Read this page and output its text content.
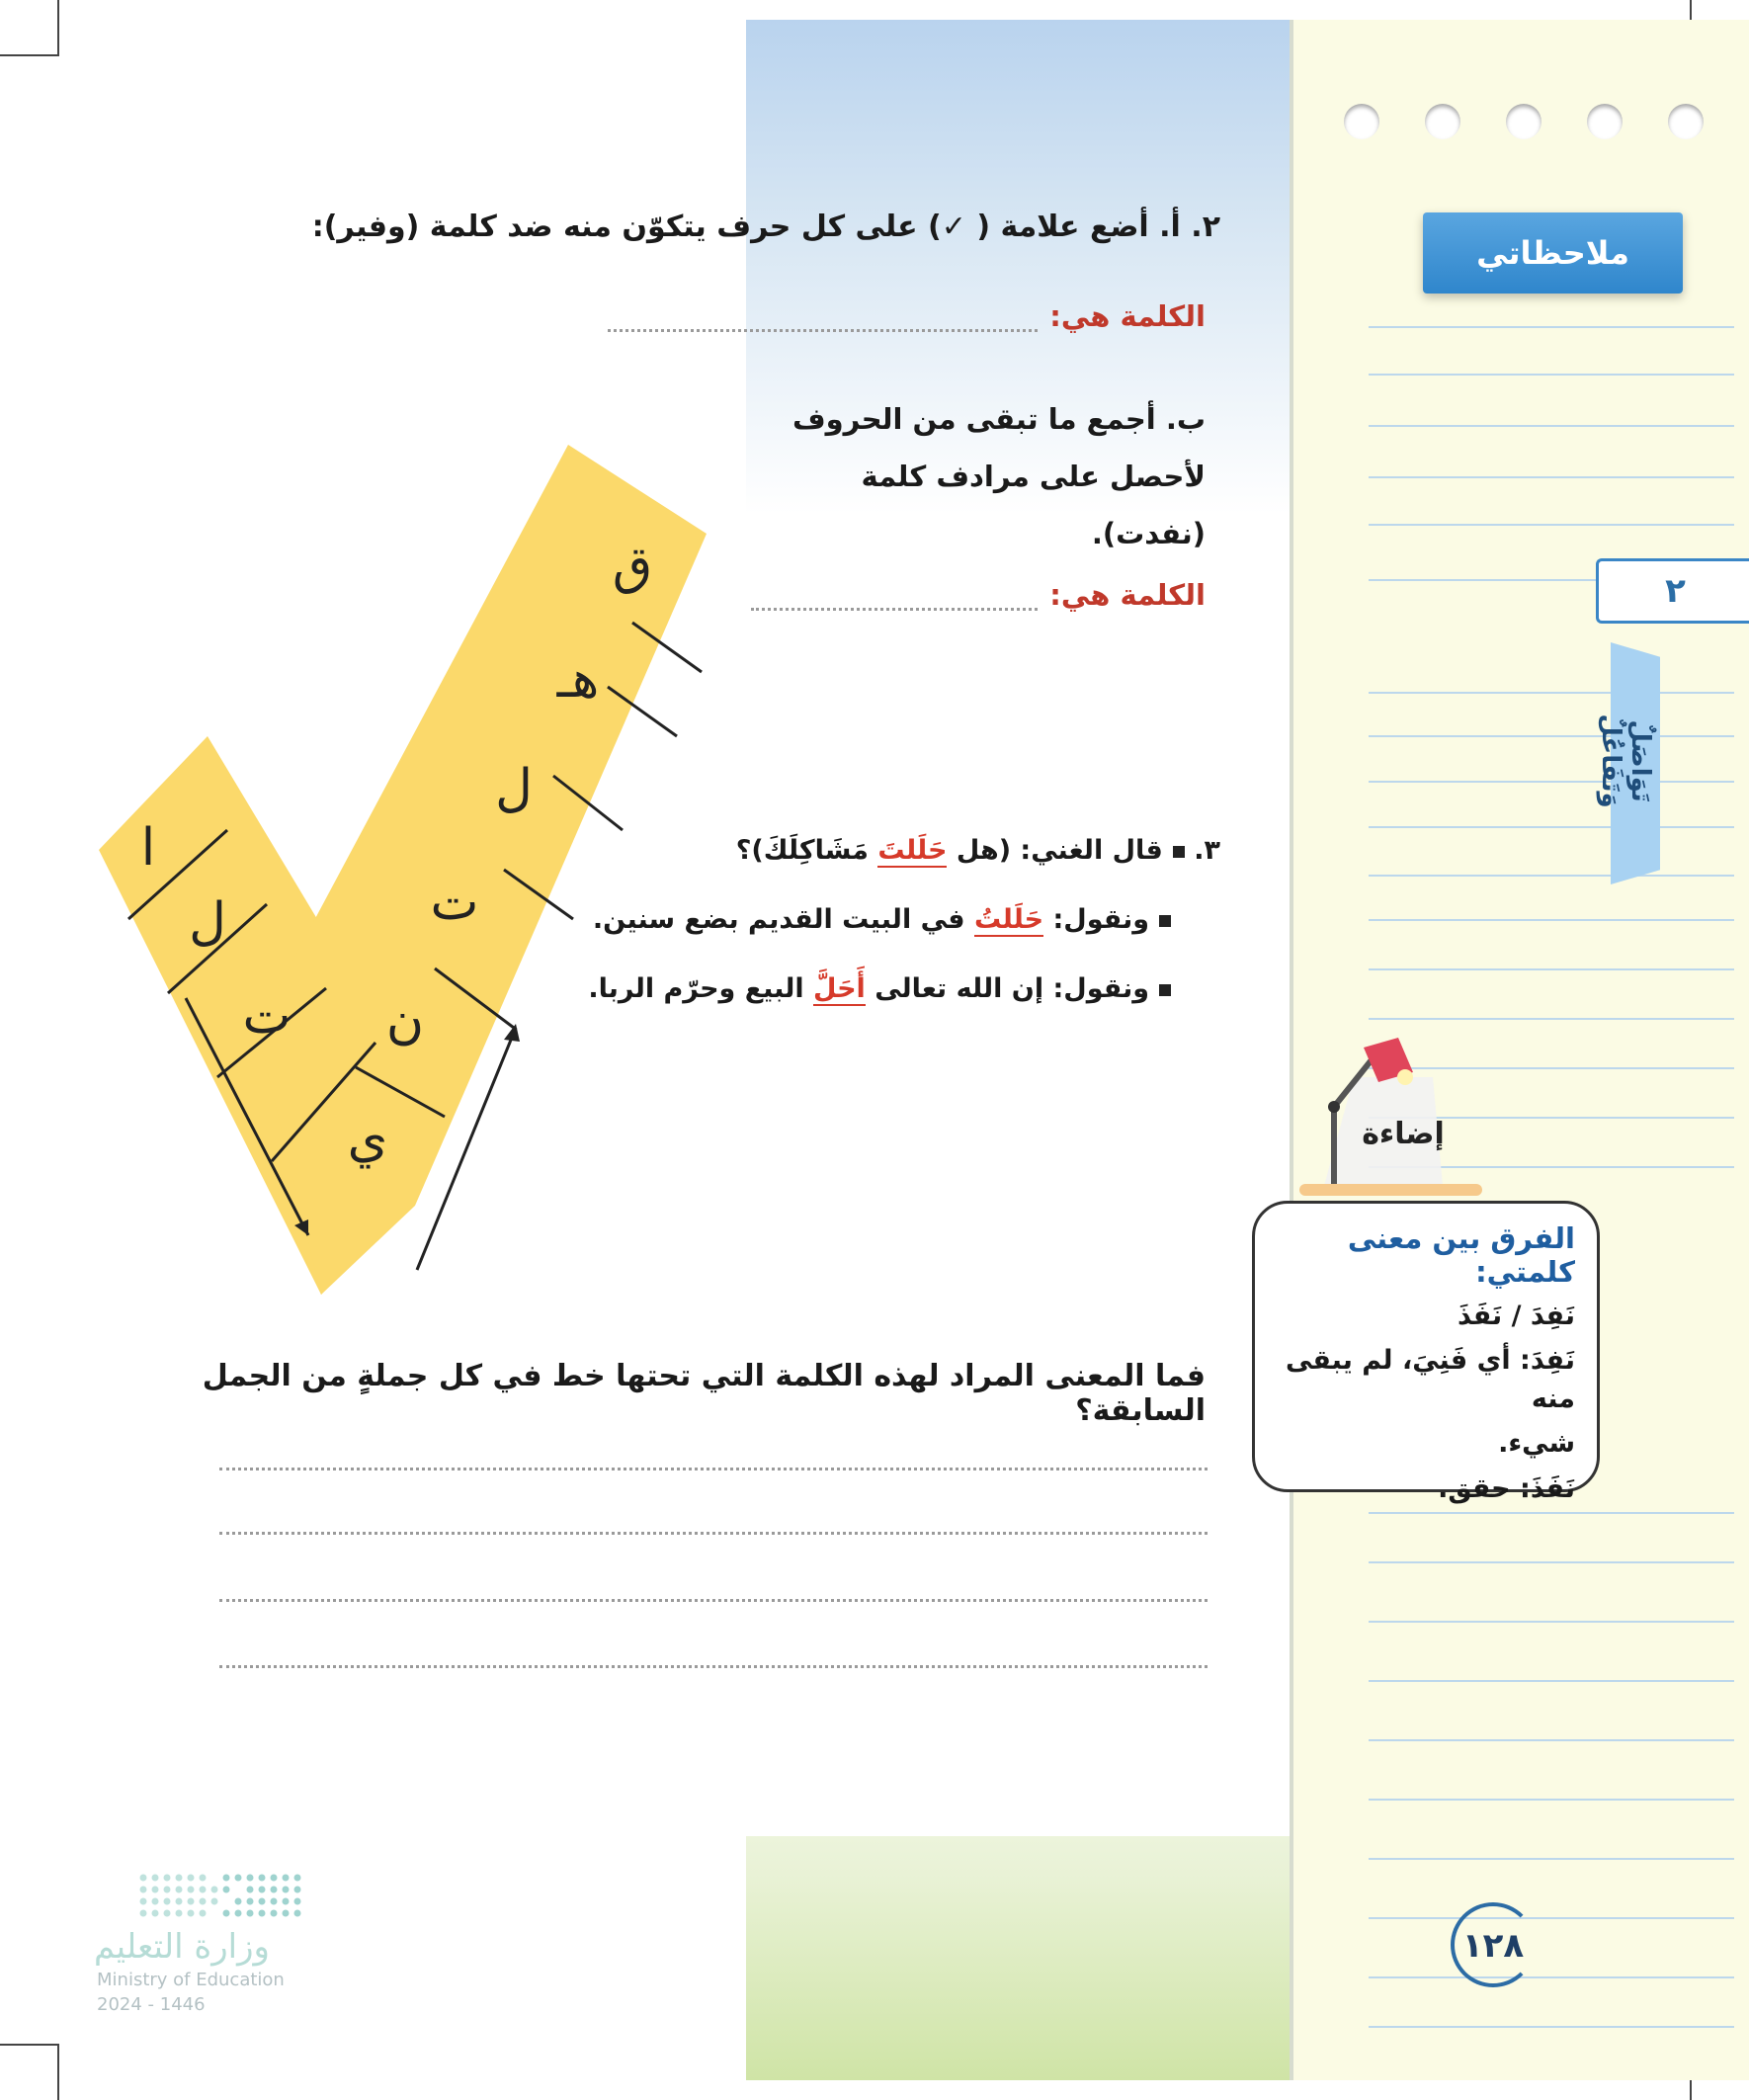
ملاحظاتي
٢
تَوَاصَلٌ وَتَفَاعُلٌ
إضاءة
الفرق بين معنى كلمتي:
نَفِدَ / نَفَذَ
نَفِدَ: أي فَنِيَ، لم يبقى منه
شيء.
نَفَذَ: حقق.
١٢٨
٢. أ. أضع علامة ( ✓) على كل حرف يتكوّن منه ضد كلمة (وفير):
الكلمة هي:
ب. أجمع ما تبقى من الحروف
لأحصل على مرادف كلمة
(نفدت).
الكلمة هي:
ا
ل
ت ن
ت
ل
هـ
ق
ي
٣. قال الغني: (هل حَلَلتَ مَشَاكِلَكَ)؟
ونقول: حَلَلتُ في البيت القديم بضع سنين.
ونقول: إن الله تعالى أَحَلَّ البيع وحرّم الربا.
فما المعنى المراد لهذه الكلمة التي تحتها خط في كل جملةٍ من الجمل السابقة؟
وزارة التعليم
Ministry of Education
2024 - 1446
